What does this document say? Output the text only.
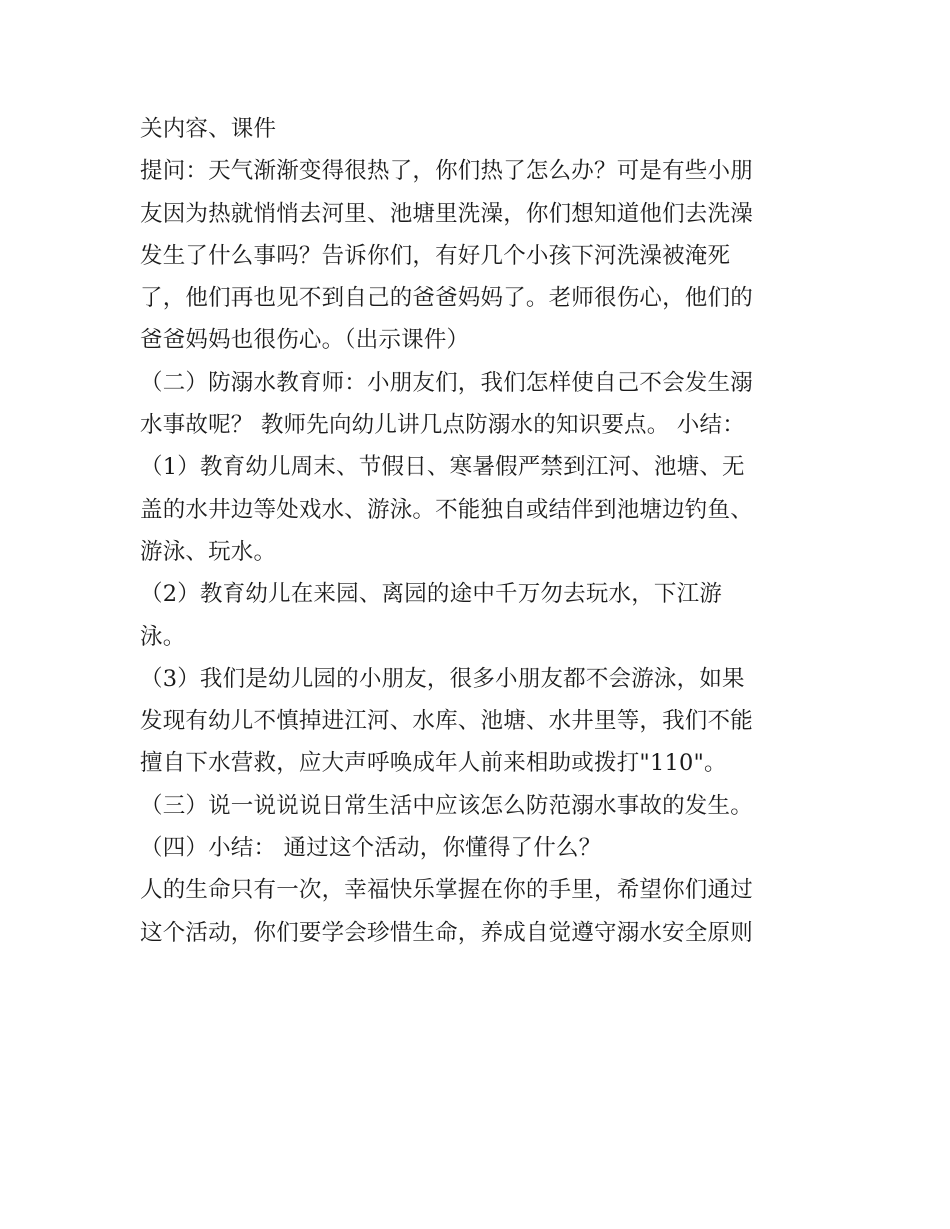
关内容、课件
提问：天气渐渐变得很热了，你们热了怎么办？可是有些小朋
友因为热就悄悄去河里、池塘里洗澡，你们想知道他们去洗澡
发生了什么事吗？告诉你们，有好几个小孩下河洗澡被淹死
了，他们再也见不到自己的爸爸妈妈了。老师很伤心，他们的
爸爸妈妈也很伤心。（出示课件）
（二）防溺水教育师：小朋友们，我们怎样使自己不会发生溺
水事故呢？ 教师先向幼儿讲几点防溺水的知识要点。 小结：
（1）教育幼儿周末、节假日、寒暑假严禁到江河、池塘、无
盖的水井边等处戏水、游泳。不能独自或结伴到池塘边钓鱼、
游泳、玩水。
（2）教育幼儿在来园、离园的途中千万勿去玩水，下江游
泳。
（3）我们是幼儿园的小朋友，很多小朋友都不会游泳，如果
发现有幼儿不慎掉进江河、水库、池塘、水井里等，我们不能
擅自下水营救，应大声呼唤成年人前来相助或拨打"110"。
（三）说一说说说日常生活中应该怎么防范溺水事故的发生。
（四）小结： 通过这个活动，你懂得了什么？
人的生命只有一次，幸福快乐掌握在你的手里，希望你们通过
这个活动，你们要学会珍惜生命，养成自觉遵守溺水安全原则
